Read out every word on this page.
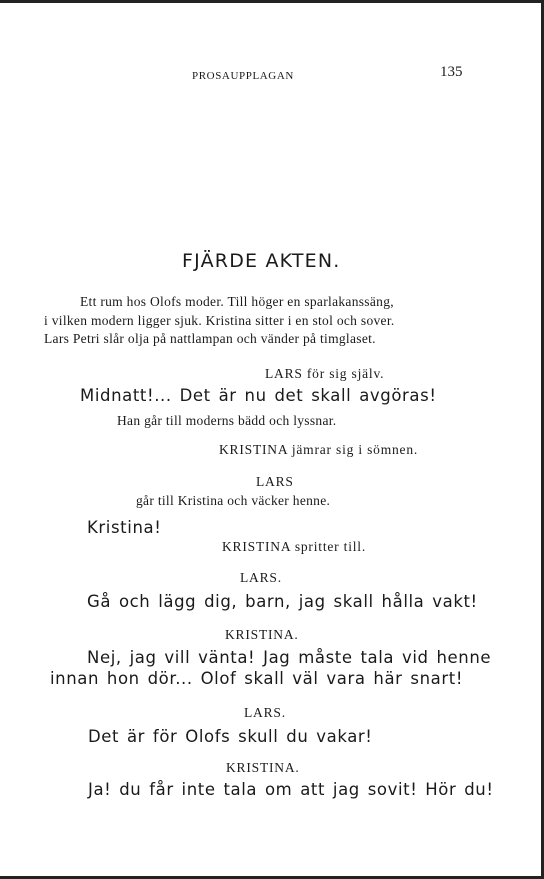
PROSAUPPLAGAN	135
FJÄRDE AKTEN.
Ett rum hos Olofs moder. Till höger en sparlakanssäng,
i vilken modern ligger sjuk. Kristina sitter i en stol och sover.
Lars Petri slår olja på nattlampan och vänder på timglaset.
LARS för sig själv.
Midnatt!... Det är nu det skall avgöras!
Han går till moderns bädd och lyssnar.
KRISTINA jämrar sig i sömnen.
LARS
går till Kristina och väcker henne.
Kristina!
KRISTINA spritter till.
LARS.
Gå och lägg dig, barn, jag skall hålla vakt!
KRISTINA.
Nej, jag vill vänta! Jag måste tala vid henne
innan hon dör... Olof skall väl vara här snart!
LARS.
Det är för Olofs skull du vakar!
KRISTINA.
Ja! du får inte tala om att jag sovit! Hör du!
